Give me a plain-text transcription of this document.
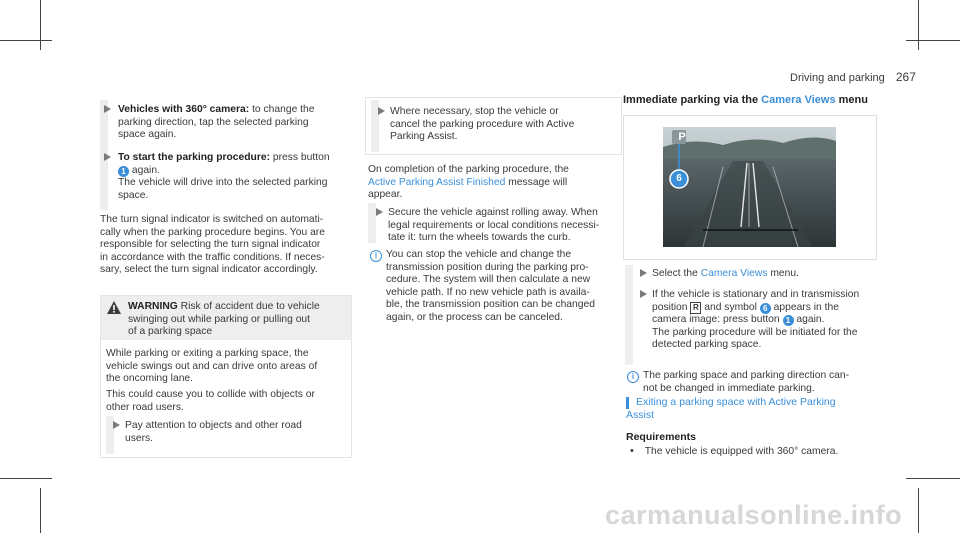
Driving and parking 267
Vehicles with 360° camera: to change the
parking direction, tap the selected parking
space again.
To start the parking procedure: press button
1 again.
The vehicle will drive into the selected parking
space.
The turn signal indicator is switched on automati-
cally when the parking procedure begins. You are
responsible for selecting the turn signal indicator
in accordance with the traffic conditions. If neces-
sary, select the turn signal indicator accordingly.
WARNING Risk of accident due to vehicle
swinging out while parking or pulling out
of a parking space
While parking or exiting a parking space, the
vehicle swings out and can drive onto areas of
the oncoming lane.
This could cause you to collide with objects or
other road users.
Pay attention to objects and other road
users.
Where necessary, stop the vehicle or
cancel the parking procedure with Active
Parking Assist.
On completion of the parking procedure, the
Active Parking Assist Finished message will
appear.
Secure the vehicle against rolling away. When
legal requirements or local conditions necessi-
tate it: turn the wheels towards the curb.
i You can stop the vehicle and change the
transmission position during the parking pro-
cedure. The system will then calculate a new
vehicle path. If no new vehicle path is availa-
ble, the transmission position can be changed
again, or the process can be canceled.
Immediate parking via the Camera Views menu
P
6
Select the Camera Views menu.
If the vehicle is stationary and in transmission
position R and symbol 6 appears in the
camera image: press button 1 again.
The parking procedure will be initiated for the
detected parking space.
i The parking space and parking direction can-
not be changed in immediate parking.
Exiting a parking space with Active Parking
Assist
Requirements
• The vehicle is equipped with 360° camera.
carmanualsonline.info
